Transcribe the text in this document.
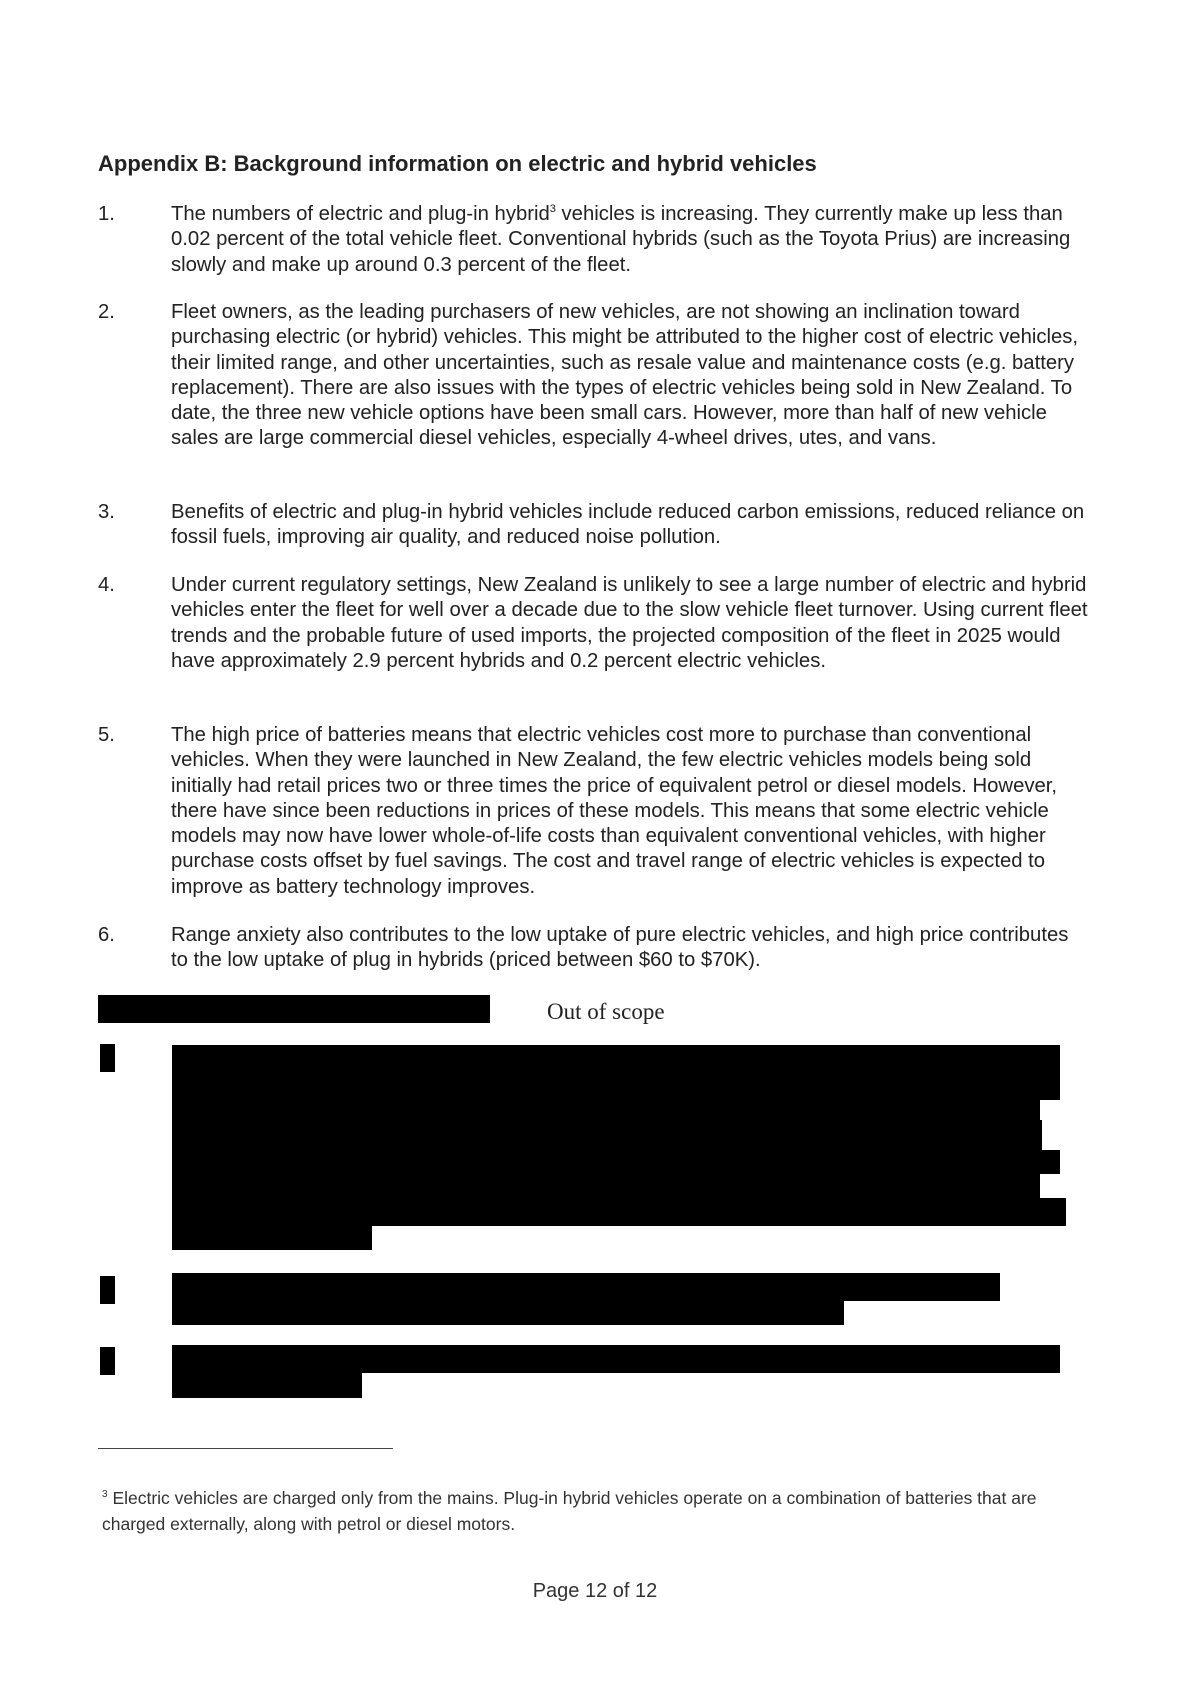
Appendix B: Background information on electric and hybrid vehicles
1.	The numbers of electric and plug-in hybrid$^3$ vehicles is increasing. They currently make up less than 0.02 percent of the total vehicle fleet. Conventional hybrids (such as the Toyota Prius) are increasing slowly and make up around 0.3 percent of the fleet.
2.	Fleet owners, as the leading purchasers of new vehicles, are not showing an inclination toward purchasing electric (or hybrid) vehicles. This might be attributed to the higher cost of electric vehicles, their limited range, and other uncertainties, such as resale value and maintenance costs (e.g. battery replacement). There are also issues with the types of electric vehicles being sold in New Zealand. To date, the three new vehicle options have been small cars. However, more than half of new vehicle sales are large commercial diesel vehicles, especially 4-wheel drives, utes, and vans.
3.	Benefits of electric and plug-in hybrid vehicles include reduced carbon emissions, reduced reliance on fossil fuels, improving air quality, and reduced noise pollution.
4.	Under current regulatory settings, New Zealand is unlikely to see a large number of electric and hybrid vehicles enter the fleet for well over a decade due to the slow vehicle fleet turnover. Using current fleet trends and the probable future of used imports, the projected composition of the fleet in 2025 would have approximately 2.9 percent hybrids and 0.2 percent electric vehicles.
5.	The high price of batteries means that electric vehicles cost more to purchase than conventional vehicles. When they were launched in New Zealand, the few electric vehicles models being sold initially had retail prices two or three times the price of equivalent petrol or diesel models. However, there have since been reductions in prices of these models. This means that some electric vehicle models may now have lower whole-of-life costs than equivalent conventional vehicles, with higher purchase costs offset by fuel savings. The cost and travel range of electric vehicles is expected to improve as battery technology improves.
6.	Range anxiety also contributes to the low uptake of pure electric vehicles, and high price contributes to the low uptake of plug in hybrids (priced between $60 to $70K).
Out of scope
$^3$ Electric vehicles are charged only from the mains. Plug-in hybrid vehicles operate on a combination of batteries that are charged externally, along with petrol or diesel motors.
Page 12 of 12
